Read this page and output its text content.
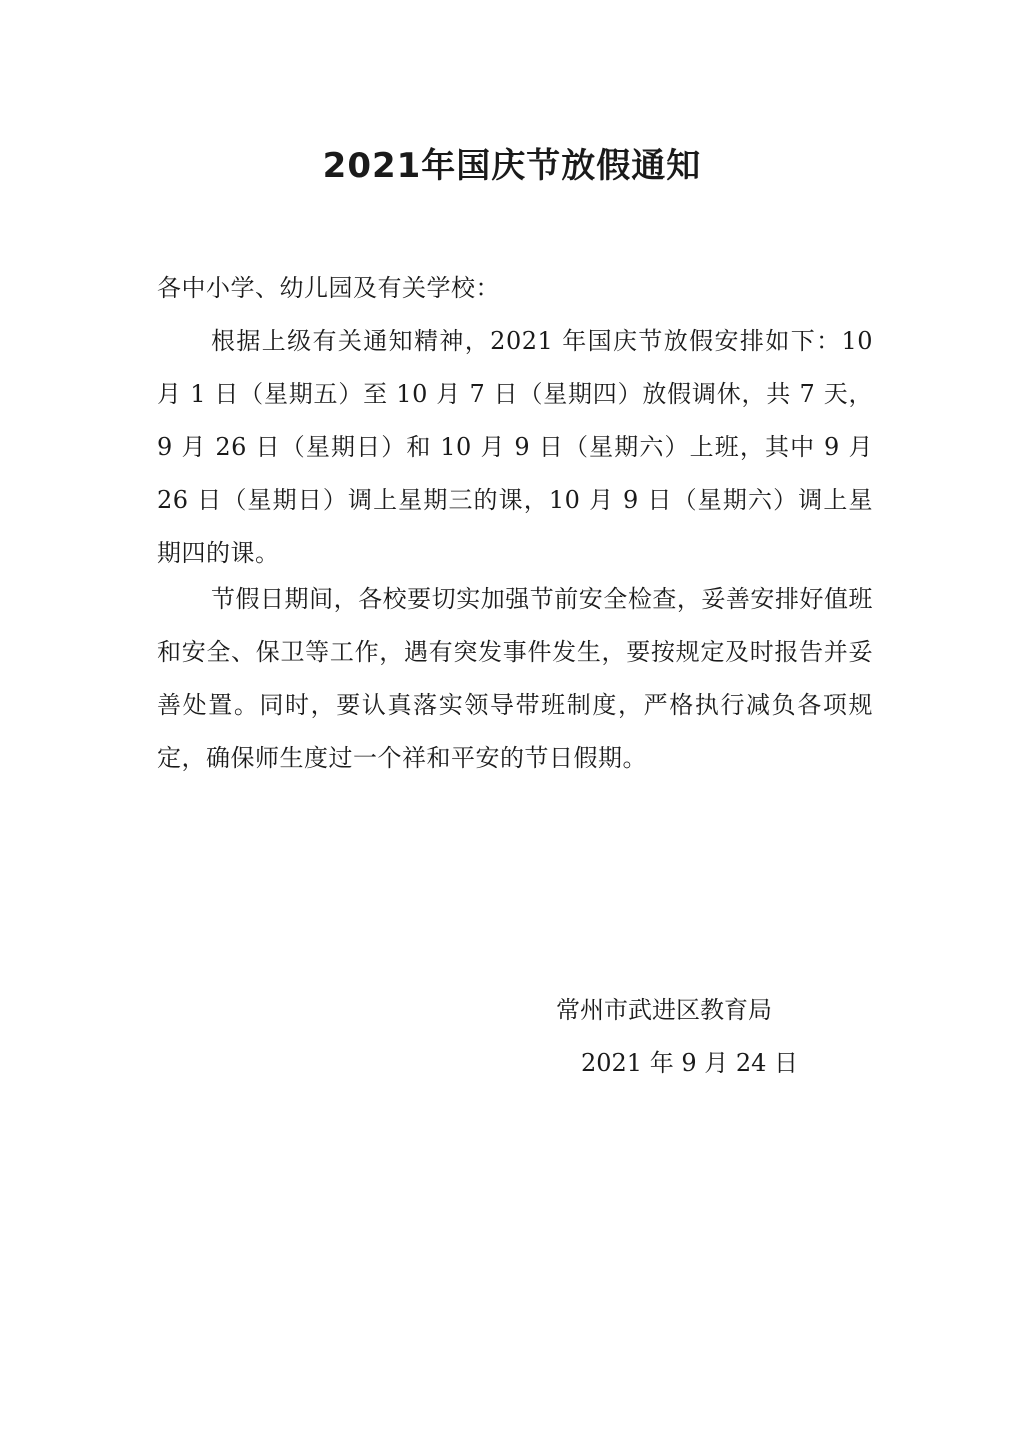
2021年国庆节放假通知
各中小学、幼儿园及有关学校：

根据上级有关通知精神，2021 年国庆节放假安排如下：10 月 1 日（星期五）至 10 月 7 日（星期四）放假调休，共 7 天，9 月 26 日（星期日）和 10 月 9 日（星期六）上班，其中 9 月 26 日（星期日）调上星期三的课，10 月 9 日（星期六）调上星期四的课。

节假日期间，各校要切实加强节前安全检查，妥善安排好值班和安全、保卫等工作，遇有突发事件发生，要按规定及时报告并妥善处置。同时，要认真落实领导带班制度，严格执行减负各项规定，确保师生度过一个祥和平安的节日假期。

常州市武进区教育局
2021 年 9 月 24 日
